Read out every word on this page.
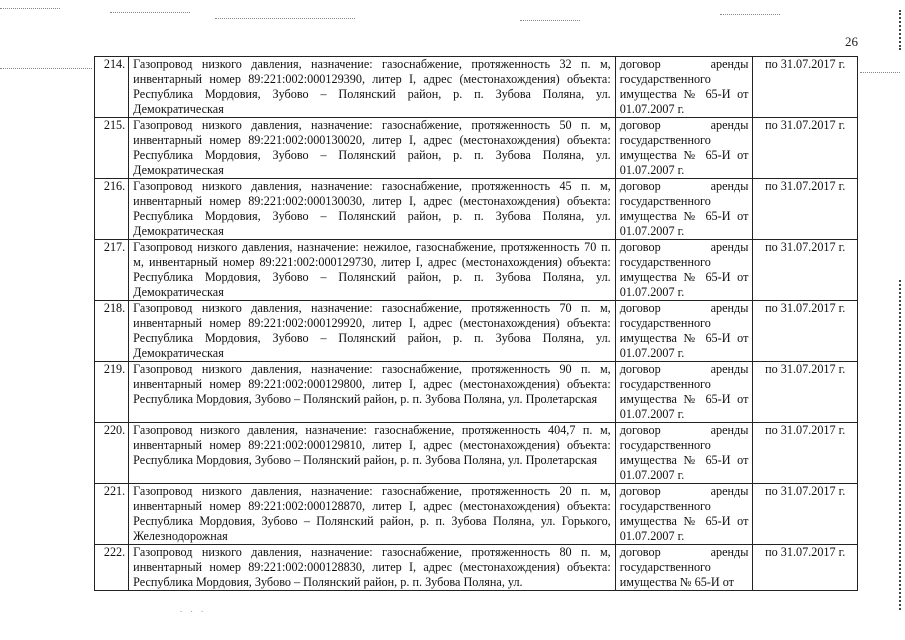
26
214.	Газопровод низкого давления, назначение: газоснабжение, протяженность 32 п. м, инвентарный номер 89:221:002:000129390, литер I, адрес (местонахождения) объекта: Республика Мордовия, Зубово – Полянский район, р. п. Зубова Поляна, ул. Демократическая	договор аренды государственного имущества № 65-И от 01.07.2007 г.	по 31.07.2017 г.
215.	Газопровод низкого давления, назначение: газоснабжение, протяженность 50 п. м, инвентарный номер 89:221:002:000130020, литер I, адрес (местонахождения) объекта: Республика Мордовия, Зубово – Полянский район, р. п. Зубова Поляна, ул. Демократическая	договор аренды государственного имущества № 65-И от 01.07.2007 г.	по 31.07.2017 г.
216.	Газопровод низкого давления, назначение: газоснабжение, протяженность 45 п. м, инвентарный номер 89:221:002:000130030, литер I, адрес (местонахождения) объекта: Республика Мордовия, Зубово – Полянский район, р. п. Зубова Поляна, ул. Демократическая	договор аренды государственного имущества № 65-И от 01.07.2007 г.	по 31.07.2017 г.
217.	Газопровод низкого давления, назначение: нежилое, газоснабжение, протяженность 70 п. м, инвентарный номер 89:221:002:000129730, литер I, адрес (местонахождения) объекта: Республика Мордовия, Зубово – Полянский район, р. п. Зубова Поляна, ул. Демократическая	договор аренды государственного имущества № 65-И от 01.07.2007 г.	по 31.07.2017 г.
218.	Газопровод низкого давления, назначение: газоснабжение, протяженность 70 п. м, инвентарный номер 89:221:002:000129920, литер I, адрес (местонахождения) объекта: Республика Мордовия, Зубово – Полянский район, р. п. Зубова Поляна, ул. Демократическая	договор аренды государственного имущества № 65-И от 01.07.2007 г.	по 31.07.2017 г.
219.	Газопровод низкого давления, назначение: газоснабжение, протяженность 90 п. м, инвентарный номер 89:221:002:000129800, литер I, адрес (местонахождения) объекта: Республика Мордовия, Зубово – Полянский район, р. п. Зубова Поляна, ул. Пролетарская	договор аренды государственного имущества № 65-И от 01.07.2007 г.	по 31.07.2017 г.
220.	Газопровод низкого давления, назначение: газоснабжение, протяженность 404,7 п. м, инвентарный номер 89:221:002:000129810, литер I, адрес (местонахождения) объекта: Республика Мордовия, Зубово – Полянский район, р. п. Зубова Поляна, ул. Пролетарская	договор аренды государственного имущества № 65-И от 01.07.2007 г.	по 31.07.2017 г.
221.	Газопровод низкого давления, назначение: газоснабжение, протяженность 20 п. м, инвентарный номер 89:221:002:000128870, литер I, адрес (местонахождения) объекта: Республика Мордовия, Зубово – Полянский район, р. п. Зубова Поляна, ул. Горького, Железнодорожная	договор аренды государственного имущества № 65-И от 01.07.2007 г.	по 31.07.2017 г.
222.	Газопровод низкого давления, назначение: газоснабжение, протяженность 80 п. м, инвентарный номер 89:221:002:000128830, литер I, адрес (местонахождения) объекта: Республика Мордовия, Зубово – Полянский район, р. п. Зубова Поляна, ул.	договор аренды государственного имущества № 65-И от	по 31.07.2017 г.
. . .
